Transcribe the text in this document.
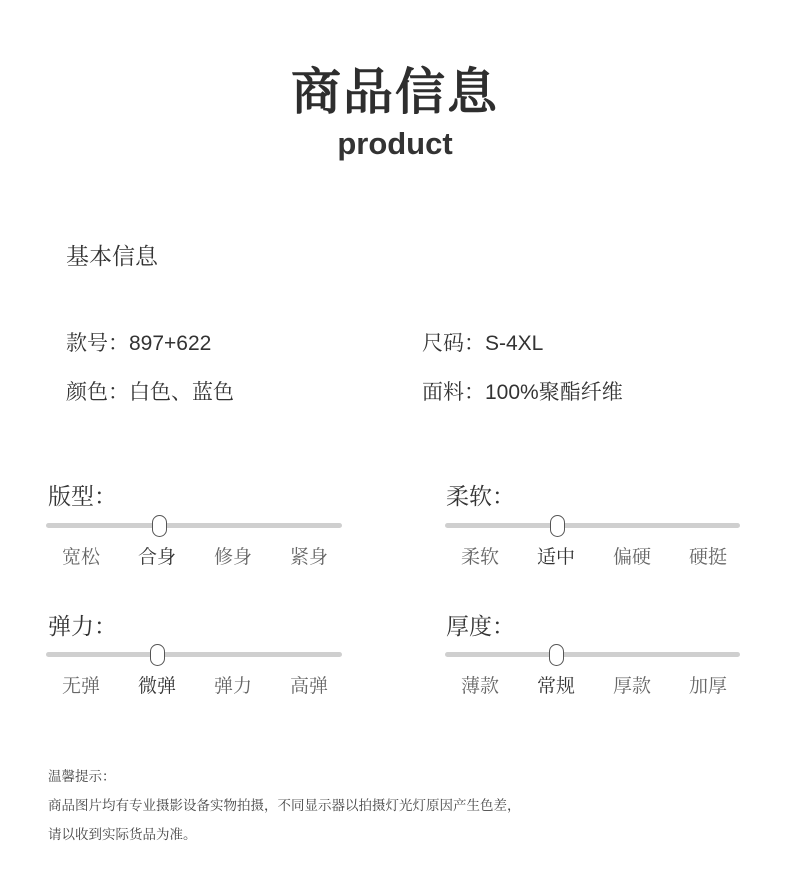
商品信息
product
基本信息
款号：897+622	尺码：S-4XL
颜色：白色、蓝色	面料：100%聚酯纤维
版型：
宽松	合身	修身	紧身
柔软：
柔软	适中	偏硬	硬挺
弹力：
无弹	微弹	弹力	高弹
厚度：
薄款	常规	厚款	加厚
温馨提示：
商品图片均有专业摄影设备实物拍摄，不同显示器以拍摄灯光灯原因产生色差，
请以收到实际货品为准。
